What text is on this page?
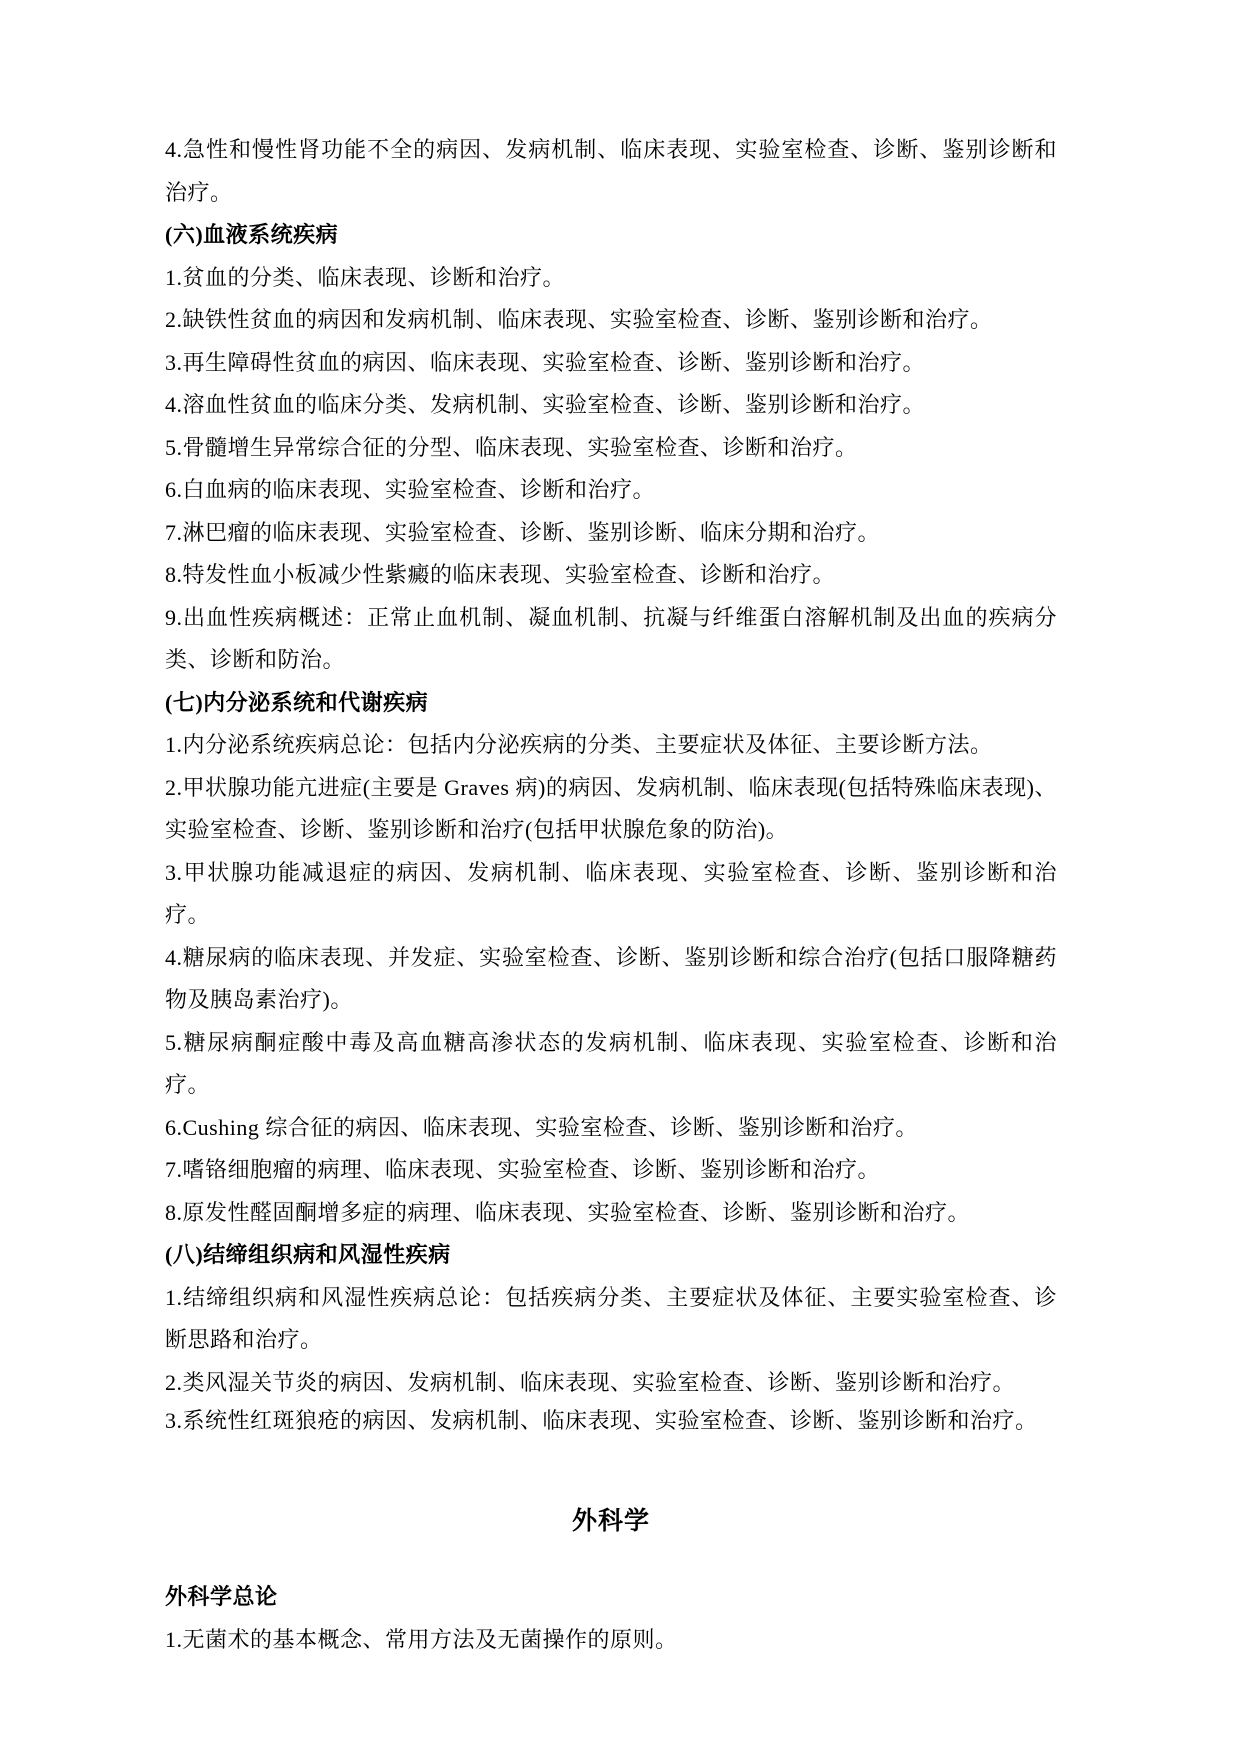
4.急性和慢性肾功能不全的病因、发病机制、临床表现、实验室检查、诊断、鉴别诊断和治疗。

(六)血液系统疾病

1.贫血的分类、临床表现、诊断和治疗。

2.缺铁性贫血的病因和发病机制、临床表现、实验室检查、诊断、鉴别诊断和治疗。

3.再生障碍性贫血的病因、临床表现、实验室检查、诊断、鉴别诊断和治疗。

4.溶血性贫血的临床分类、发病机制、实验室检查、诊断、鉴别诊断和治疗。

5.骨髓增生异常综合征的分型、临床表现、实验室检查、诊断和治疗。

6.白血病的临床表现、实验室检查、诊断和治疗。

7.淋巴瘤的临床表现、实验室检查、诊断、鉴别诊断、临床分期和治疗。

8.特发性血小板减少性紫癜的临床表现、实验室检查、诊断和治疗。

9.出血性疾病概述：正常止血机制、凝血机制、抗凝与纤维蛋白溶解机制及出血的疾病分类、诊断和防治。

(七)内分泌系统和代谢疾病

1.内分泌系统疾病总论：包括内分泌疾病的分类、主要症状及体征、主要诊断方法。

2.甲状腺功能亢进症(主要是 Graves 病)的病因、发病机制、临床表现(包括特殊临床表现)、实验室检查、诊断、鉴别诊断和治疗(包括甲状腺危象的防治)。

3.甲状腺功能减退症的病因、发病机制、临床表现、实验室检查、诊断、鉴别诊断和治疗。

4.糖尿病的临床表现、并发症、实验室检查、诊断、鉴别诊断和综合治疗(包括口服降糖药物及胰岛素治疗)。

5.糖尿病酮症酸中毒及高血糖高渗状态的发病机制、临床表现、实验室检查、诊断和治疗。

6.Cushing 综合征的病因、临床表现、实验室检查、诊断、鉴别诊断和治疗。

7.嗜铬细胞瘤的病理、临床表现、实验室检查、诊断、鉴别诊断和治疗。

8.原发性醛固酮增多症的病理、临床表现、实验室检查、诊断、鉴别诊断和治疗。

(八)结缔组织病和风湿性疾病

1.结缔组织病和风湿性疾病总论：包括疾病分类、主要症状及体征、主要实验室检查、诊断思路和治疗。

2.类风湿关节炎的病因、发病机制、临床表现、实验室检查、诊断、鉴别诊断和治疗。

3.系统性红斑狼疮的病因、发病机制、临床表现、实验室检查、诊断、鉴别诊断和治疗。

外科学
外科学总论

1.无菌术的基本概念、常用方法及无菌操作的原则。
